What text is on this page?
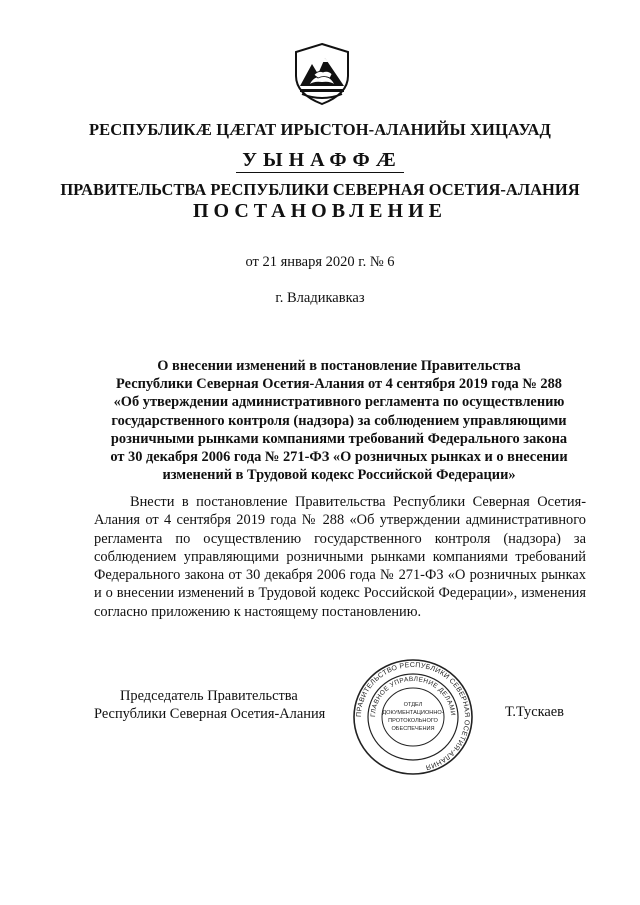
РЕСПУБЛИКӔ ЦӔГАТ ИРЫСТОН-АЛАНИЙЫ ХИЦАУАД
УЫНАФФӔ
ПРАВИТЕЛЬСТВА РЕСПУБЛИКИ СЕВЕРНАЯ ОСЕТИЯ-АЛАНИЯ
ПОСТАНОВЛЕНИЕ
от 21 января 2020 г. № 6
г. Владикавказ
О внесении изменений в постановление Правительства
Республики Северная Осетия-Алания от 4 сентября 2019 года № 288
«Об утверждении административного регламента по осуществлению
государственного контроля (надзора) за соблюдением управляющими
розничными рынками компаниями требований Федерального закона
от 30 декабря 2006 года № 271-ФЗ «О розничных рынках и о внесении
изменений в Трудовой кодекс Российской Федерации»
Внести в постановление Правительства Республики Северная Осетия-Алания от 4 сентября 2019 года № 288 «Об утверждении административного регламента по осуществлению государственного контроля (надзора) за соблюдением управляющими розничными рынками компаниями требований Федерального закона от 30 декабря 2006 года № 271-ФЗ «О розничных рынках и о внесении изменений в Трудовой кодекс Российской Федерации», изменения согласно приложению к настоящему постановлению.
Председатель Правительства
Республики Северная Осетия-Алания	ПРАВИТЕЛЬСТВО РЕСПУБЛИКИ СЕВЕРНАЯ ОСЕТИЯ-АЛАНИЯ
ГЛАВНОЕ УПРАВЛЕНИЕ ДЕЛАМИ
ОТДЕЛ
ДОКУМЕНТАЦИОННО-
ПРОТОКОЛЬНОГО
ОБЕСПЕЧЕНИЯ
Т.Тускаев
